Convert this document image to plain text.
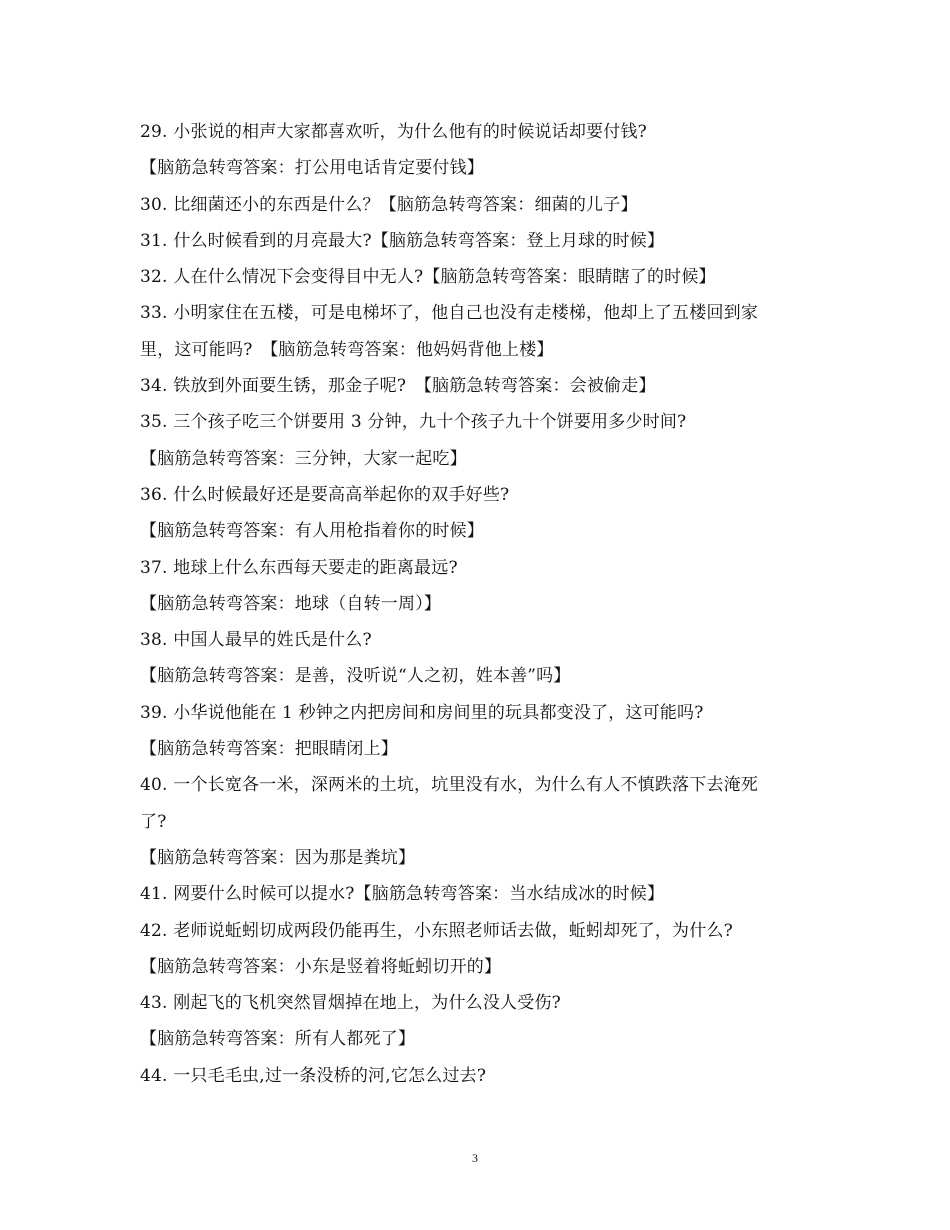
29. 小张说的相声大家都喜欢听，为什么他有的时候说话却要付钱?
【脑筋急转弯答案：打公用电话肯定要付钱】
30. 比细菌还小的东西是什么？【脑筋急转弯答案：细菌的儿子】
31. 什么时候看到的月亮最大?【脑筋急转弯答案：登上月球的时候】
32. 人在什么情况下会变得目中无人?【脑筋急转弯答案：眼睛瞎了的时候】
33. 小明家住在五楼，可是电梯坏了，他自己也没有走楼梯，他却上了五楼回到家
里，这可能吗?　【脑筋急转弯答案：他妈妈背他上楼】
34. 铁放到外面要生锈，那金子呢?　【脑筋急转弯答案：会被偷走】
35. 三个孩子吃三个饼要用 3 分钟，九十个孩子九十个饼要用多少时间?
【脑筋急转弯答案：三分钟，大家一起吃】
36. 什么时候最好还是要高高举起你的双手好些?
【脑筋急转弯答案：有人用枪指着你的时候】
37. 地球上什么东西每天要走的距离最远?
【脑筋急转弯答案：地球（自转一周）】
38. 中国人最早的姓氏是什么?
【脑筋急转弯答案：是善，没听说“人之初，姓本善”吗】
39. 小华说他能在 1 秒钟之内把房间和房间里的玩具都变没了，这可能吗?
【脑筋急转弯答案：把眼睛闭上】
40. 一个长宽各一米，深两米的土坑，坑里没有水，为什么有人不慎跌落下去淹死
了?
【脑筋急转弯答案：因为那是粪坑】
41. 网要什么时候可以提水?【脑筋急转弯答案：当水结成冰的时候】
42. 老师说蚯蚓切成两段仍能再生，小东照老师话去做，蚯蚓却死了，为什么?
【脑筋急转弯答案：小东是竖着将蚯蚓切开的】
43. 刚起飞的飞机突然冒烟掉在地上，为什么没人受伤?
【脑筋急转弯答案：所有人都死了】
44. 一只毛毛虫,过一条没桥的河,它怎么过去?
3
